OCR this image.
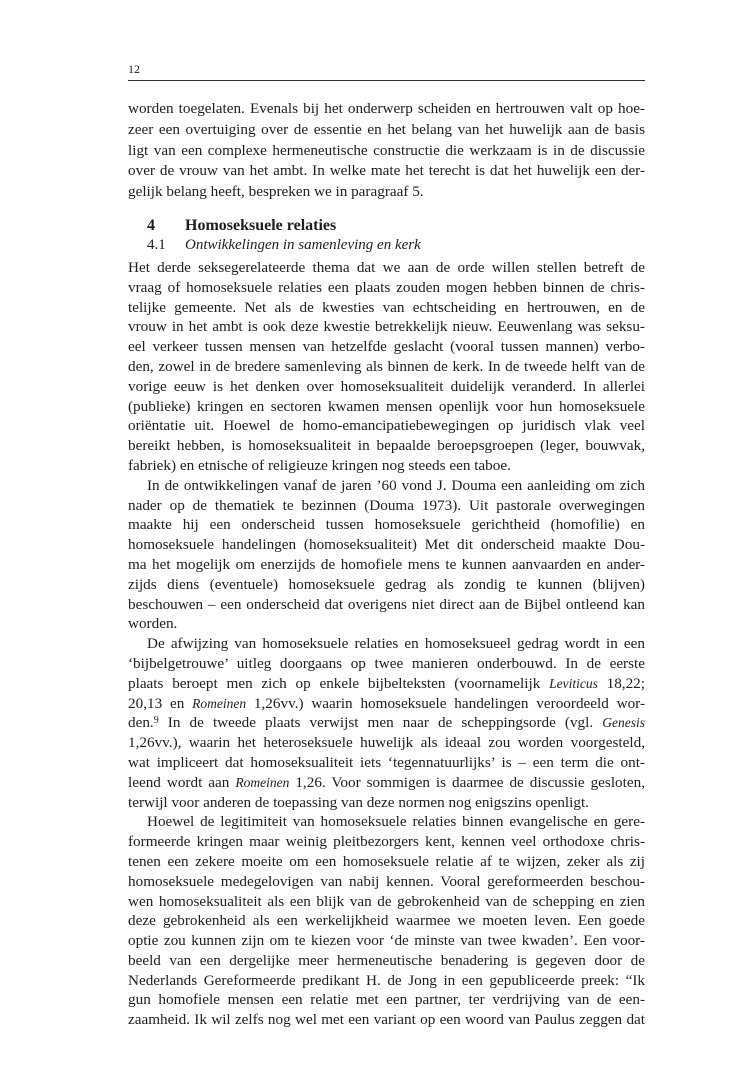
12
worden toegelaten. Evenals bij het onderwerp scheiden en hertrouwen valt op hoe-
zeer een overtuiging over de essentie en het belang van het huwelijk aan de basis
ligt van een complexe hermeneutische constructie die werkzaam is in de discussie
over de vrouw van het ambt. In welke mate het terecht is dat het huwelijk een der-
gelijk belang heeft, bespreken we in paragraaf 5.
4 Homoseksuele relaties
4.1 Ontwikkelingen in samenleving en kerk
Het derde seksegerelateerde thema dat we aan de orde willen stellen betreft de
vraag of homoseksuele relaties een plaats zouden mogen hebben binnen de chris-
telijke gemeente. Net als de kwesties van echtscheiding en hertrouwen, en de
vrouw in het ambt is ook deze kwestie betrekkelijk nieuw. Eeuwenlang was seksu-
eel verkeer tussen mensen van hetzelfde geslacht (vooral tussen mannen) verbo-
den, zowel in de bredere samenleving als binnen de kerk. In de tweede helft van de
vorige eeuw is het denken over homoseksualiteit duidelijk veranderd. In allerlei
(publieke) kringen en sectoren kwamen mensen openlijk voor hun homoseksuele
oriëntatie uit. Hoewel de homo-emancipatiebewegingen op juridisch vlak veel
bereikt hebben, is homoseksualiteit in bepaalde beroepsgroepen (leger, bouwvak,
fabriek) en etnische of religieuze kringen nog steeds een taboe.
In de ontwikkelingen vanaf de jaren ’60 vond J. Douma een aanleiding om zich
nader op de thematiek te bezinnen (Douma 1973). Uit pastorale overwegingen
maakte hij een onderscheid tussen homoseksuele gerichtheid (homofilie) en
homoseksuele handelingen (homoseksualiteit) Met dit onderscheid maakte Dou-
ma het mogelijk om enerzijds de homofiele mens te kunnen aanvaarden en ander-
zijds diens (eventuele) homoseksuele gedrag als zondig te kunnen (blijven)
beschouwen – een onderscheid dat overigens niet direct aan de Bijbel ontleend kan
worden.
De afwijzing van homoseksuele relaties en homoseksueel gedrag wordt in een
‘bijbelgetrouwe’ uitleg doorgaans op twee manieren onderbouwd. In de eerste
plaats beroept men zich op enkele bijbelteksten (voornamelijk Leviticus 18,22;
20,13 en Romeinen 1,26vv.) waarin homoseksuele handelingen veroordeeld wor-
den.$^9$ In de tweede plaats verwijst men naar de scheppingsorde (vgl. Genesis
1,26vv.), waarin het heteroseksuele huwelijk als ideaal zou worden voorgesteld,
wat impliceert dat homoseksualiteit iets ‘tegennatuurlijks’ is – een term die ont-
leend wordt aan Romeinen 1,26. Voor sommigen is daarmee de discussie gesloten,
terwijl voor anderen de toepassing van deze normen nog enigszins openligt.
Hoewel de legitimiteit van homoseksuele relaties binnen evangelische en gere-
formeerde kringen maar weinig pleitbezorgers kent, kennen veel orthodoxe chris-
tenen een zekere moeite om een homoseksuele relatie af te wijzen, zeker als zij
homoseksuele medegelovigen van nabij kennen. Vooral gereformeerden beschou-
wen homoseksualiteit als een blijk van de gebrokenheid van de schepping en zien
deze gebrokenheid als een werkelijkheid waarmee we moeten leven. Een goede
optie zou kunnen zijn om te kiezen voor ‘de minste van twee kwaden’. Een voor-
beeld van een dergelijke meer hermeneutische benadering is gegeven door de
Nederlands Gereformeerde predikant H. de Jong in een gepubliceerde preek: “Ik
gun homofiele mensen een relatie met een partner, ter verdrijving van de een-
zaamheid. Ik wil zelfs nog wel met een variant op een woord van Paulus zeggen dat
